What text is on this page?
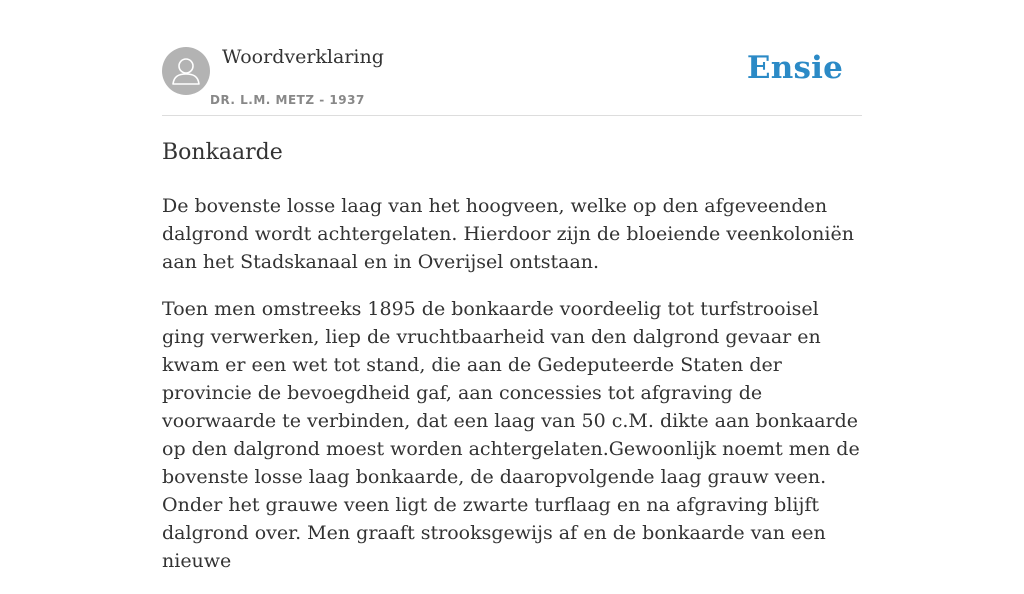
Woordverklaring
DR. L.M. METZ - 1937
Ensie
Bonkaarde

De bovenste losse laag van het hoogveen, welke op den afgeveenden dalgrond wordt achtergelaten. Hierdoor zijn de bloeiende veenkoloniën aan het Stadskanaal en in Overijsel ontstaan.

Toen men omstreeks 1895 de bonkaarde voordeelig tot turfstrooisel ging verwerken, liep de vruchtbaarheid van den dalgrond gevaar en kwam er een wet tot stand, die aan de Gedeputeerde Staten der provincie de bevoegdheid gaf, aan concessies tot afgraving de voorwaarde te verbinden, dat een laag van 50 c.M. dikte aan bonkaarde op den dalgrond moest worden achtergelaten.Gewoonlijk noemt men de bovenste losse laag bonkaarde, de daaropvolgende laag grauw veen. Onder het grauwe veen ligt de zwarte turflaag en na afgraving blijft dalgrond over. Men graaft strooksgewijs af en de bonkaarde van een nieuwe
